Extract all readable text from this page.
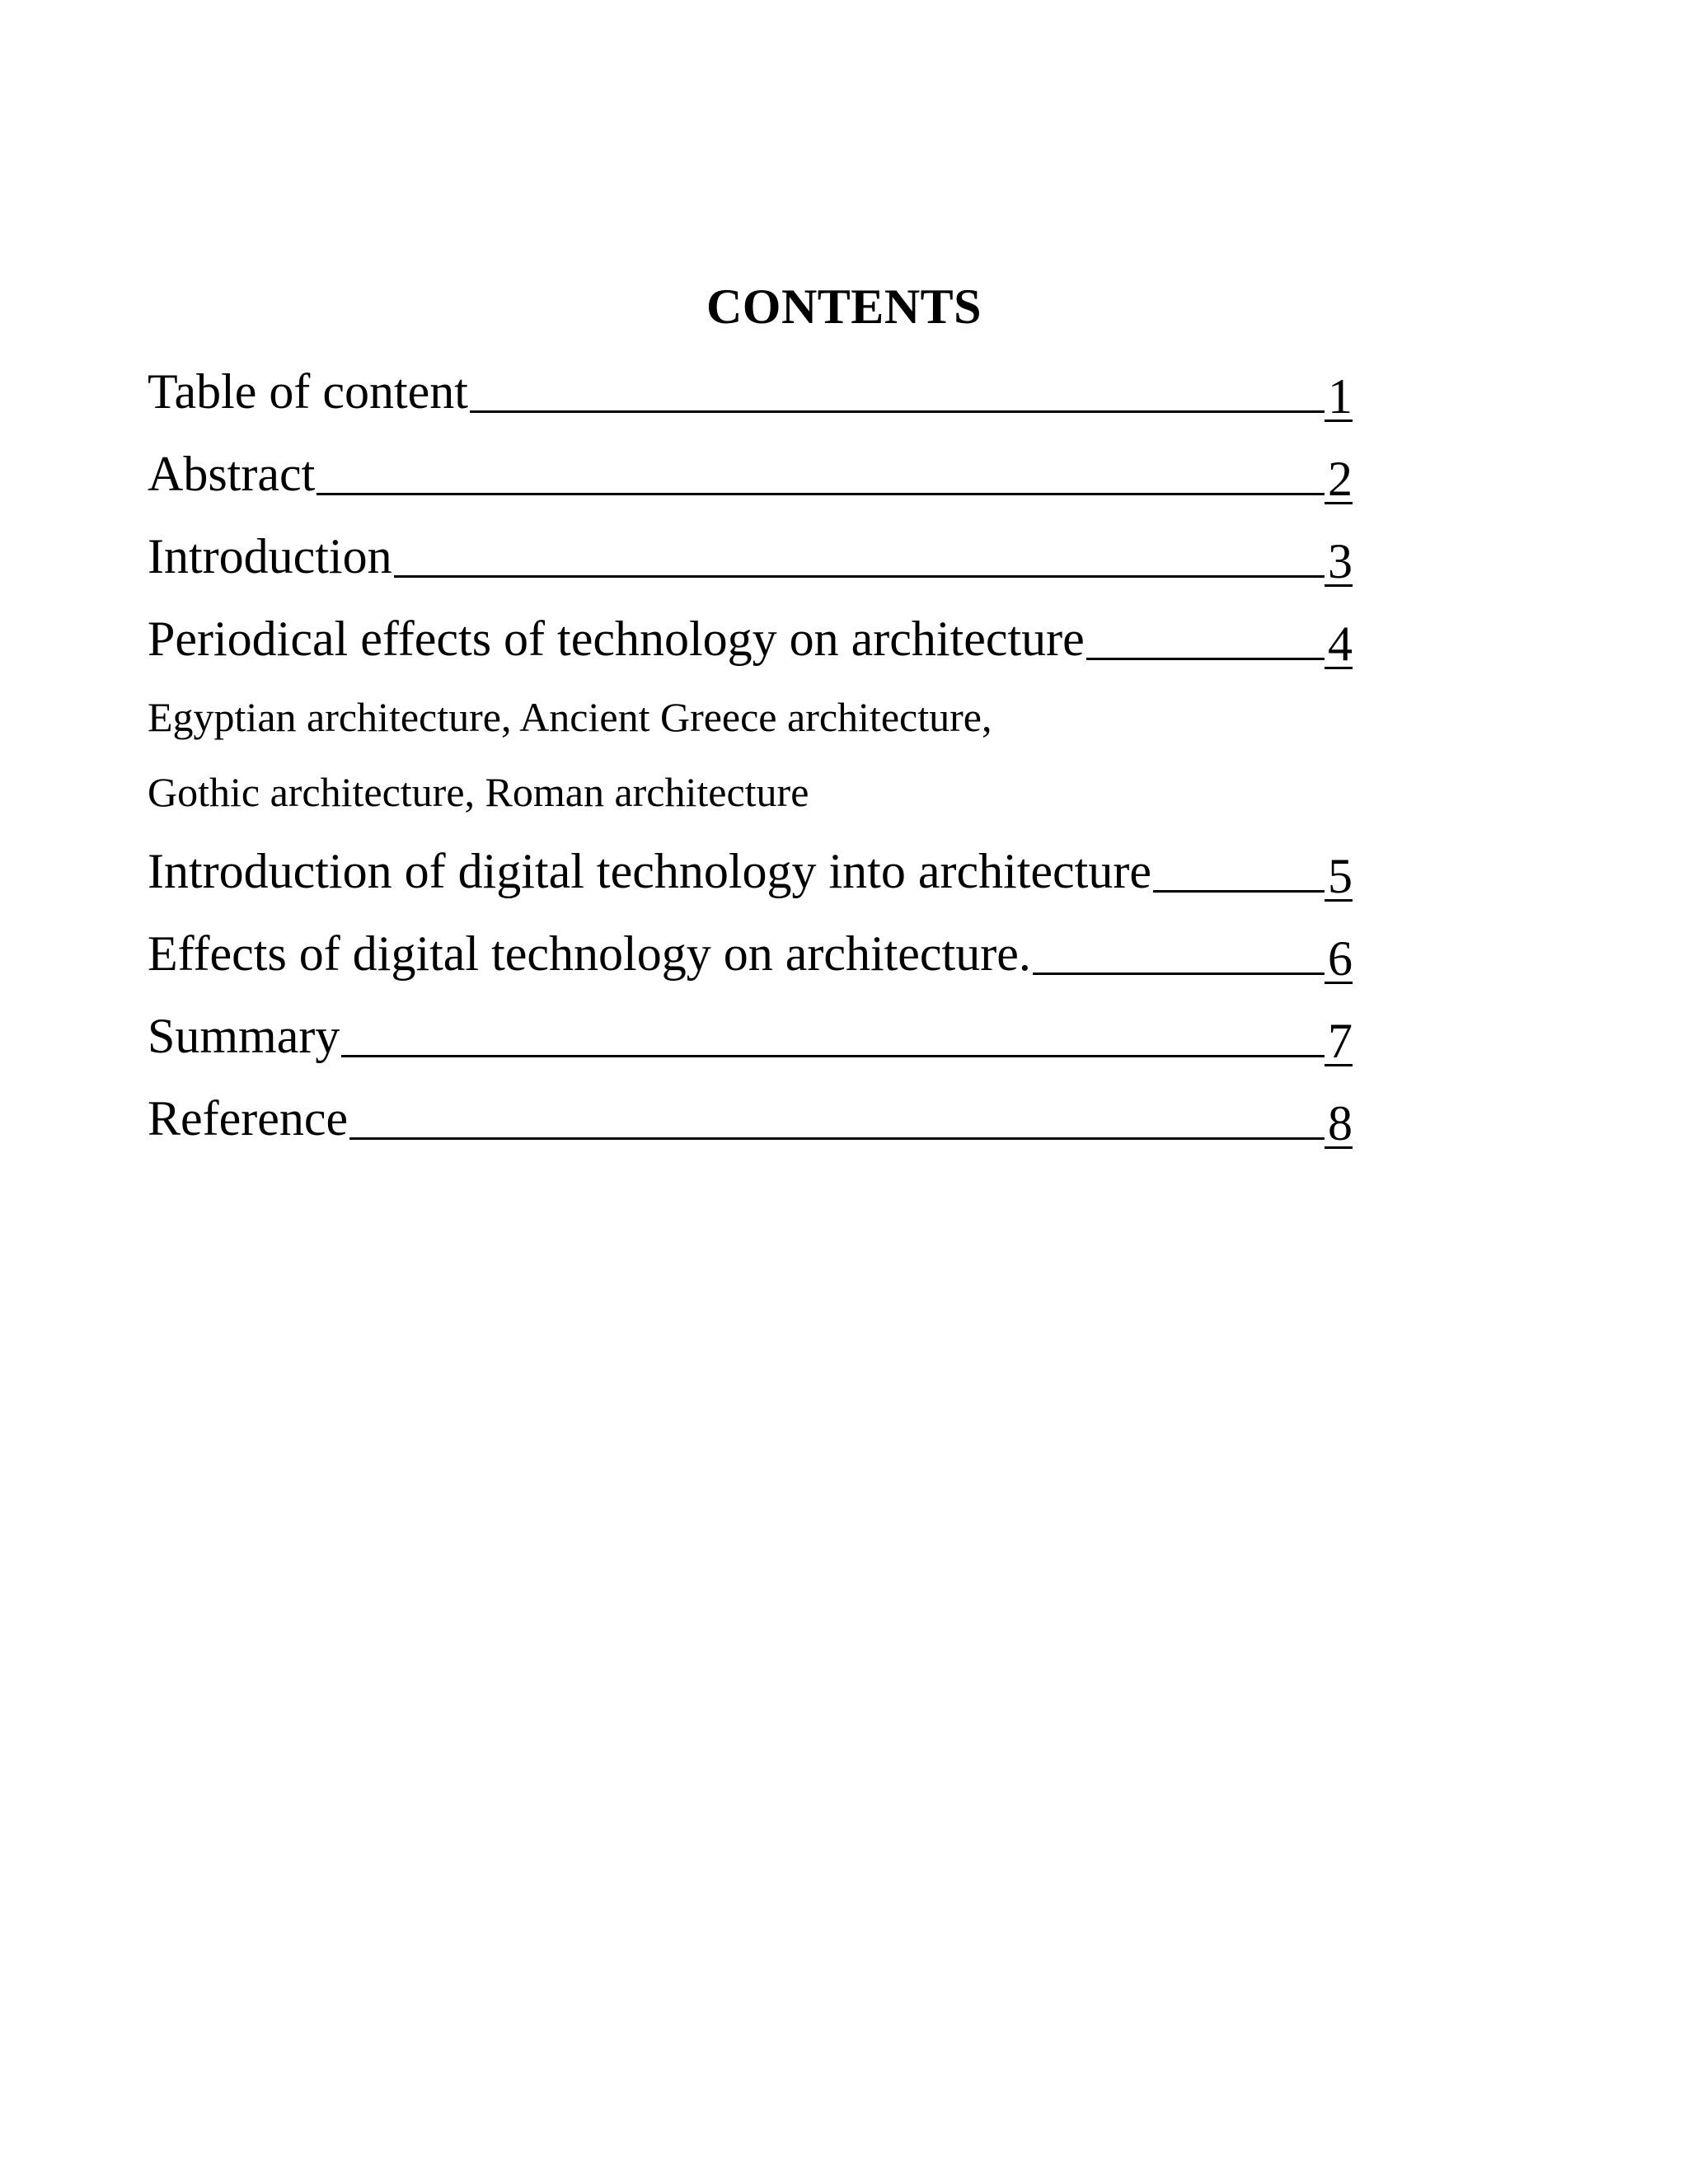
CONTENTS
Table of content	1
Abstract	2
Introduction	3
Periodical effects of technology on architecture	4
Egyptian architecture, Ancient Greece architecture,
Gothic architecture, Roman architecture
Introduction of digital technology into architecture	5
Effects of digital technology on architecture.	6
Summary	7
Reference	8
